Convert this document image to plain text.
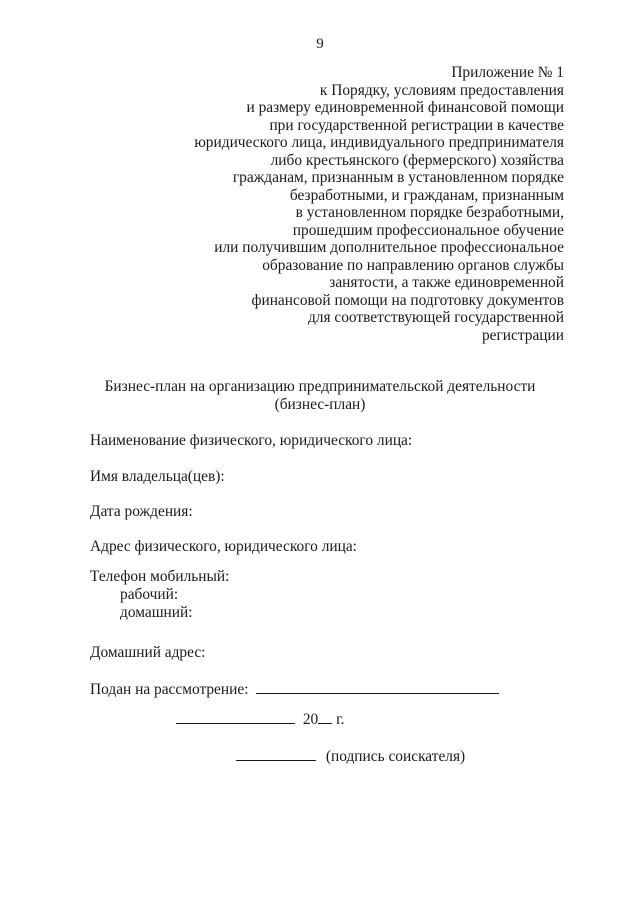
9
Приложение № 1
к Порядку, условиям предоставления
и размеру единовременной финансовой помощи
при государственной регистрации в качестве
юридического лица, индивидуального предпринимателя
либо крестьянского (фермерского) хозяйства
гражданам, признанным в установленном порядке
безработными, и гражданам, признанным
в установленном порядке безработными,
прошедшим профессиональное обучение
или получившим дополнительное профессиональное
образование по направлению органов службы
занятости, а также единовременной
финансовой помощи на подготовку документов
для соответствующей государственной
регистрации
Бизнес-план на организацию предпринимательской деятельности
(бизнес-план)
Наименование физического, юридического лица:
Имя владельца(цев):
Дата рождения:
Адрес физического, юридического лица:
Телефон мобильный:
рабочий:
домашний:
Домашний адрес:
Подан на рассмотрение:
20 г.
(подпись соискателя)
